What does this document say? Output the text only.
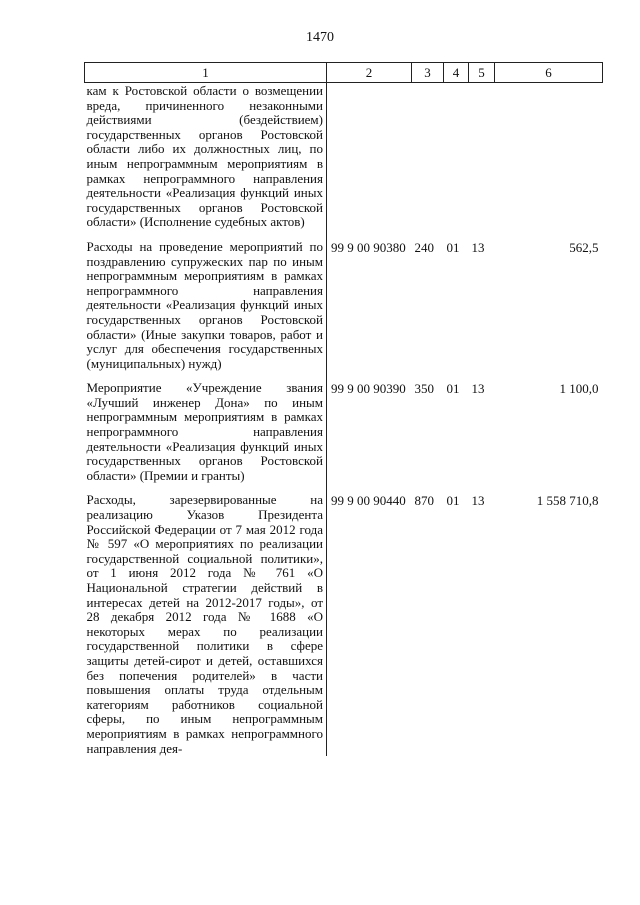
1470
1	2	3	4	5	6
кам к Ростовской области о возмещении вреда, причиненного незаконными действиями (бездействием) государственных органов Ростовской области либо их должностных лиц, по иным непрограммным мероприятиям в рамках непрограммного направления деятельности «Реализация функций иных государственных органов Ростовской области» (Исполнение судебных актов)					

Расходы на проведение мероприятий по поздравлению супружеских пар по иным непрограммным мероприятиям в рамках непрограммного направления деятельности «Реализация функций иных государственных органов Ростовской области» (Иные закупки товаров, работ и услуг для обеспечения государственных (муниципальных) нужд)	99 9 00 90380	240	01	13	562,5

Мероприятие «Учреждение звания «Лучший инженер Дона» по иным непрограммным мероприятиям в рамках непрограммного направления деятельности «Реализация функций иных государственных органов Ростовской области» (Премии и гранты)	99 9 00 90390	350	01	13	1 100,0

Расходы, зарезервированные на реализацию Указов Президента Российской Федерации от 7 мая 2012 года № 597 «О мероприятиях по реализации государственной социальной политики», от 1 июня 2012 года № 761 «О Национальной стратегии действий в интересах детей на 2012-2017 годы», от 28 декабря 2012 года № 1688 «О некоторых мерах по реализации государственной политики в сфере защиты детей-сирот и детей, оставшихся без попечения родителей» в части повышения оплаты труда отдельным категориям работников социальной сферы, по иным непрограммным мероприятиям в рамках непрограммного направления дея-	99 9 00 90440	870	01	13	1 558 710,8
